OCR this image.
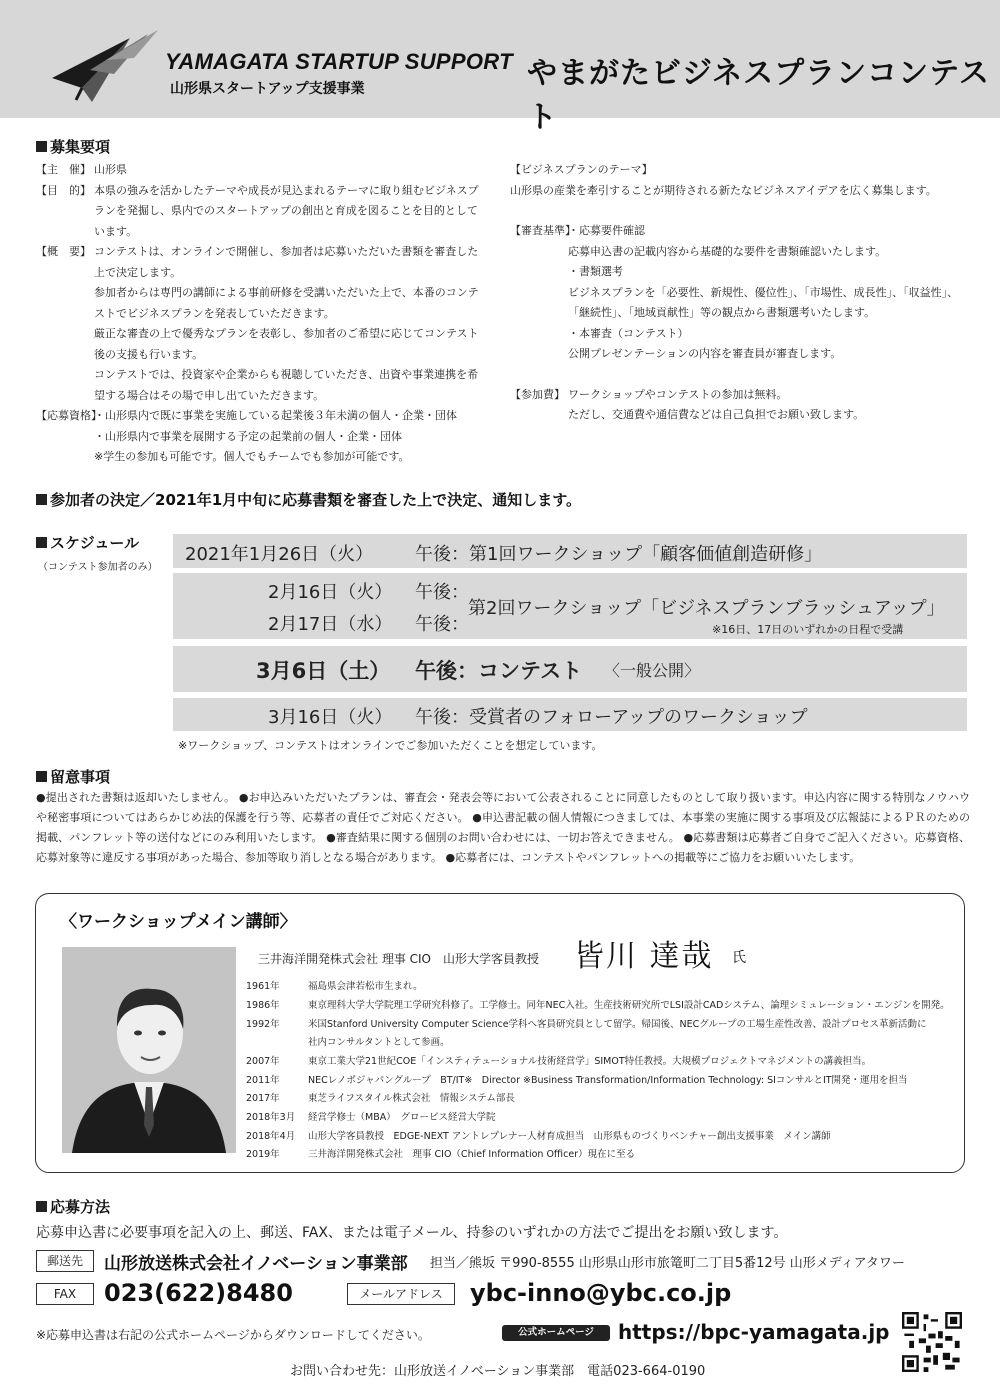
YAMAGATA STARTUP SUPPORT
山形県スタートアップ支援事業	やまがたビジネスプランコンテスト
募集要項
【主　催】 山形県
【目　的】 本県の強みを活かしたテーマや成長が見込まれるテーマに取り組むビジネスプランを発掘し、県内でのスタートアップの創出と育成を図ることを目的としています。
【概　要】 コンテストは、オンラインで開催し、参加者は応募いただいた書類を審査した上で決定します。
参加者からは専門の講師による事前研修を受講いただいた上で、本番のコンテストでビジネスプランを発表していただきます。
厳正な審査の上で優秀なプランを表彰し、参加者のご希望に応じてコンテスト後の支援も行います。
コンテストでは、投資家や企業からも視聴していただき、出資や事業連携を希望する場合はその場で申し出ていただきます。
【応募資格】
・山形県内で既に事業を実施している起業後３年未満の個人・企業・団体
・山形県内で事業を展開する予定の起業前の個人・企業・団体
※学生の参加も可能です。個人でもチームでも参加が可能です。
【ビジネスプランのテーマ】
山形県の産業を牽引することが期待される新たなビジネスアイデアを広く募集します。
【審査基準】
・応募要件確認
応募申込書の記載内容から基礎的な要件を書類確認いたします。
・書類選考
ビジネスプランを「必要性、新規性、優位性」、「市場性、成長性」、「収益性」、「継続性」、「地域貢献性」等の観点から書類選考いたします。
・本審査（コンテスト）
公開プレゼンテーションの内容を審査員が審査します。
【参加費】 ワークショップやコンテストの参加は無料。
ただし、交通費や通信費などは自己負担でお願い致します。
参加者の決定／2021年1月中旬に応募書類を審査した上で決定、通知します。
スケジュール
（コンテスト参加者のみ）
2021年1月26日（火） 午後：第1回ワークショップ「顧客価値創造研修」
2月16日（火） 午後：
2月17日（水） 午後：
第2回ワークショップ「ビジネスプランブラッシュアップ」
※16日、17日のいずれかの日程で受講
3月6日（土） 午後：コンテスト 〈一般公開〉
3月16日（火） 午後：受賞者のフォローアップのワークショップ
※ワークショップ、コンテストはオンラインでご参加いただくことを想定しています。
留意事項
●提出された書類は返却いたしません。 ●お申込みいただいたプランは、審査会・発表会等において公表されることに同意したものとして取り扱います。申込内容に関する特別なノウハウや秘密事項についてはあらかじめ法的保護を行う等、応募者の責任でご対応ください。 ●申込書記載の個人情報につきましては、本事業の実施に関する事項及び広報誌によるＰＲのための掲載、パンフレット等の送付などにのみ利用いたします。 ●審査結果に関する個別のお問い合わせには、一切お答えできません。 ●応募書類は応募者ご自身でご記入ください。応募資格、応募対象等に違反する事項があった場合、参加等取り消しとなる場合があります。 ●応募者には、コンテストやパンフレットへの掲載等にご協力をお願いいたします。
〈ワークショップメイン講師〉
三井海洋開発株式会社 理事 CIO　山形大学客員教授 皆川 達哉 氏
1961年	福島県会津若松市生まれ。
1986年	東京理科大学大学院理工学研究科修了。工学修士。同年NEC入社。生産技術研究所でLSI設計CADシステム、論理シミュレーション・エンジンを開発。
1992年	米国Stanford University Computer Science学科へ客員研究員として留学。帰国後、NECグループの工場生産性改善、設計プロセス革新活動に
社内コンサルタントとして参画。
2007年	東京工業大学21世紀COE「インスティテューショナル技術経営学」SIMOT特任教授。大規模プロジェクトマネジメントの講義担当。
2011年	NECレノボジャパングループ　BT/IT※　Director ※Business Transformation/Information Technology: SIコンサルとIT開発・運用を担当
2017年	東芝ライフスタイル株式会社　情報システム部長
2018年3月 経営学修士（MBA）　グロービス経営大学院
2018年4月 山形大学客員教授　EDGE-NEXT アントレプレナー人材育成担当　山形県ものづくりベンチャー創出支援事業　メイン講師
2019年	三井海洋開発株式会社　理事 CIO（Chief Information Officer）現在に至る
応募方法
応募申込書に必要事項を記入の上、郵送、FAX、または電子メール、持参のいずれかの方法でご提出をお願い致します。
郵送先	山形放送株式会社イノベーション事業部 担当／熊坂 〒990-8555 山形県山形市旅篭町二丁目5番12号 山形メディアタワー
FAX	023(622)8480	メールアドレス	ybc-inno@ybc.co.jp
※応募申込書は右記の公式ホームページからダウンロードしてください。	公式ホームページ	https://bpc-yamagata.jp
お問い合わせ先：山形放送イノベーション事業部　電話023-664-0190
